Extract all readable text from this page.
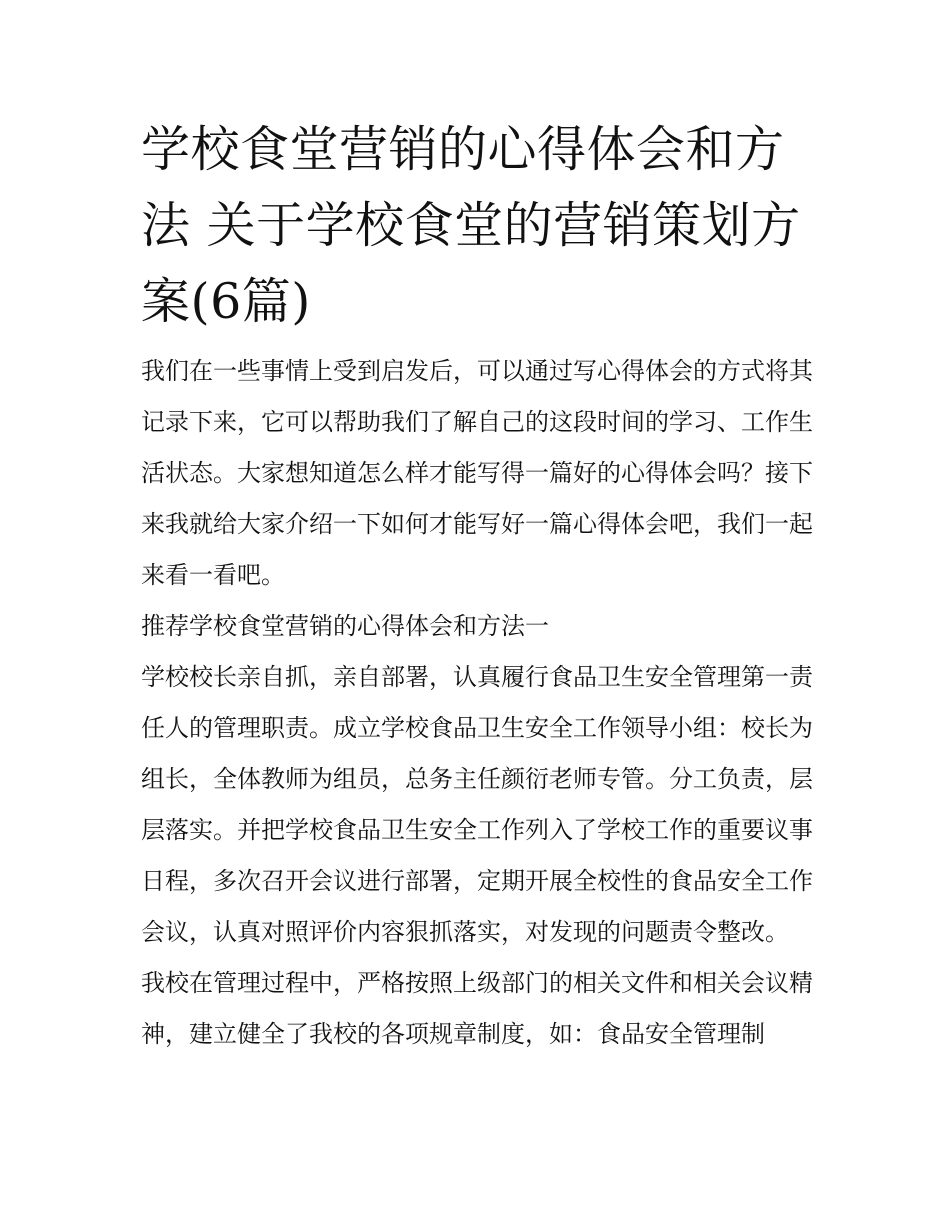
学校食堂营销的心得体会和方法 关于学校食堂的营销策划方案(6篇)

我们在一些事情上受到启发后，可以通过写心得体会的方式将其记录下来，它可以帮助我们了解自己的这段时间的学习、工作生活状态。大家想知道怎么样才能写得一篇好的心得体会吗？接下来我就给大家介绍一下如何才能写好一篇心得体会吧，我们一起来看一看吧。

推荐学校食堂营销的心得体会和方法一

学校校长亲自抓，亲自部署，认真履行食品卫生安全管理第一责任人的管理职责。成立学校食品卫生安全工作领导小组：校长为组长，全体教师为组员，总务主任颜衍老师专管。分工负责，层层落实。并把学校食品卫生安全工作列入了学校工作的重要议事日程，多次召开会议进行部署，定期开展全校性的食品安全工作会议，认真对照评价内容狠抓落实，对发现的问题责令整改。

我校在管理过程中，严格按照上级部门的相关文件和相关会议精神，建立健全了我校的各项规章制度，如：食品安全管理制
